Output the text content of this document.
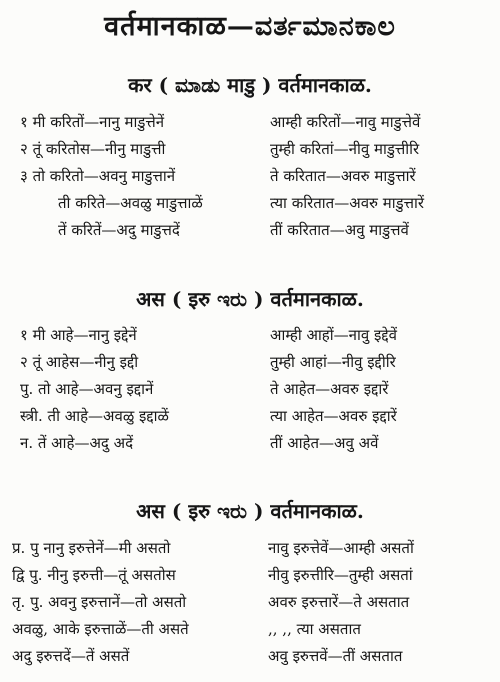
वर्तमानकाळ—ವರ್ತಮಾನಕಾಲ
कर ( ಮಾಡು माडु ) वर्तमानकाळ.
१ मी करितों—नानु माडुत्तेनें	आम्ही करितों—नावु माडुत्तेवें
२ तूं करितोस—नीनु माडुत्ती	तुम्ही करितां—नीवु माडुत्तीरि
३ तो करितो—अवनु माडुत्तानें	ते करितात—अवरु माडुत्तारें
ती करिते—अवळु माडुत्ताळें	त्या करितात—अवरु माडुत्तारें
तें करितें—अदु माडुत्तदें	तीं करितात—अवु माडुत्तवें
अस ( इरु ಇರು ) वर्तमानकाळ.
१ मी आहे—नानु इद्देनें	आम्ही आहों—नावु इद्देवें
२ तूं आहेस—नीनु इद्दी	तुम्ही आहां—नीवु इद्दीरि
पु. तो आहे—अवनु इद्दानें	ते आहेत—अवरु इद्दारें
स्त्री. ती आहे—अवळु इद्दाळें	त्या आहेत—अवरु इद्दारें
न. तें आहे—अदु अदें	तीं आहेत—अवु अवें
अस ( इरु ಇರು ) वर्तमानकाळ.
प्र. पु नानु इरुत्तेनें—मी असतो	नावु इरुत्तेवें—आम्ही असतों
द्वि पु. नीनु इरुत्ती—तूं असतोस	नीवु इरुत्तीरि—तुम्ही असतां
तृ. पु. अवनु इरुत्तानें—तो असतो	अवरु इरुत्तारें—ते असतात
अवळु, आके इरुत्ताळें—ती असते	,, ,, त्या असतात
अदु इरुत्तदें—तें असतें	अवु इरुत्तवें—तीं असतात
